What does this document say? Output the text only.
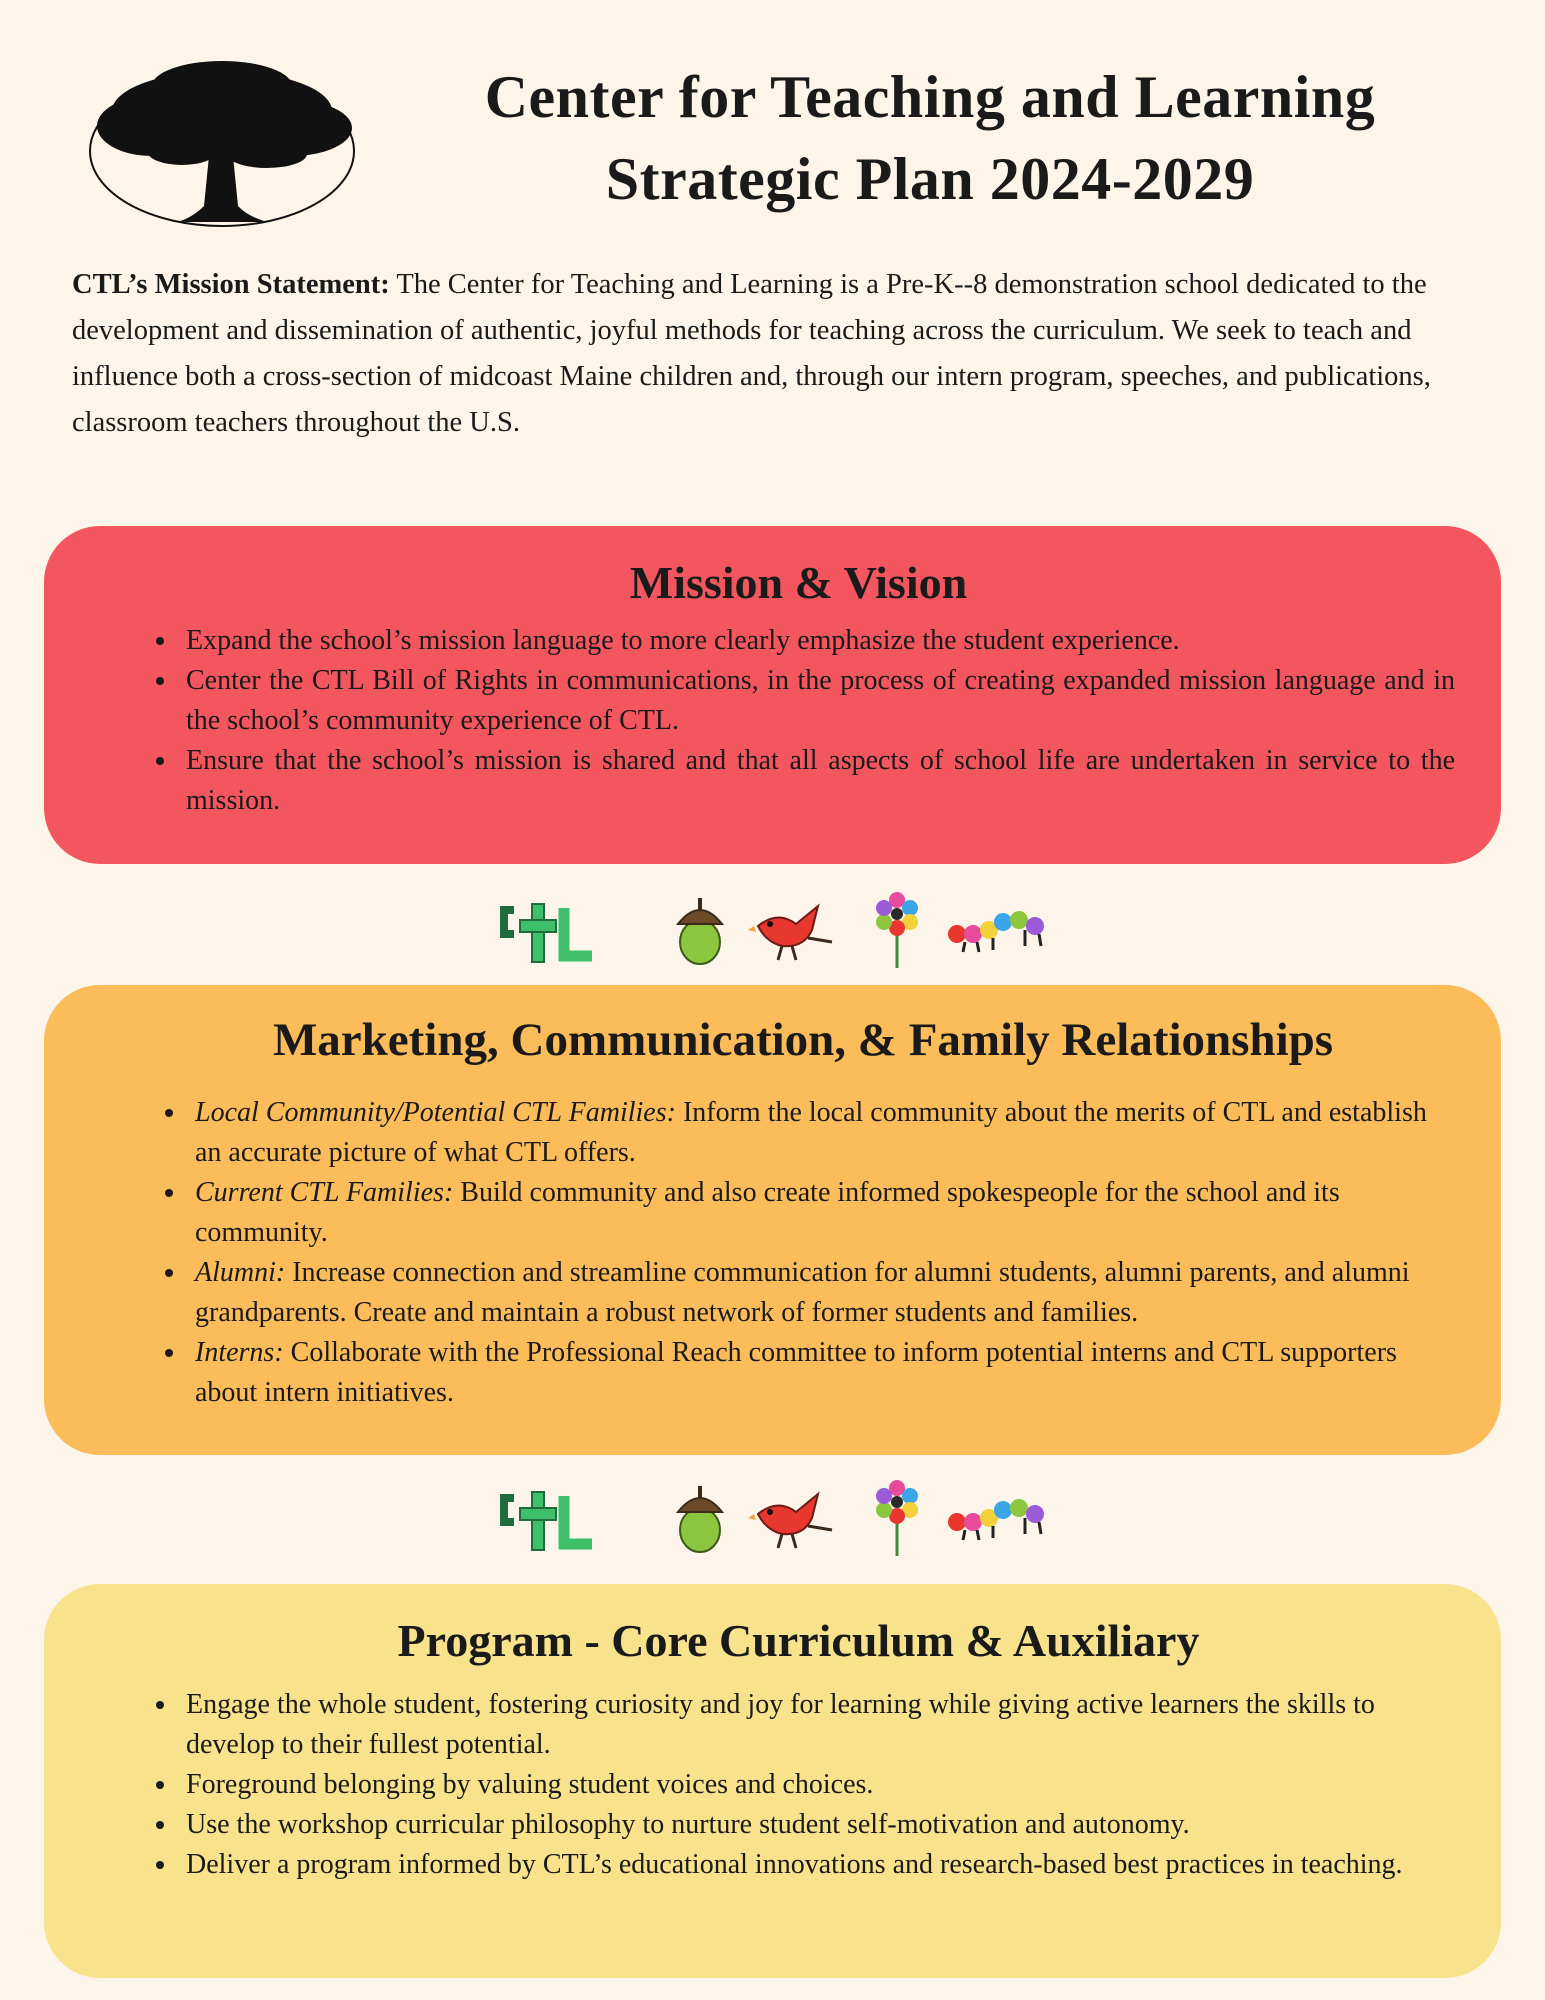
Center for Teaching and Learning
Strategic Plan 2024-2029
CTL’s Mission Statement: The Center for Teaching and Learning is a Pre-K--8 demonstration school dedicated to the development and dissemination of authentic, joyful methods for teaching across the curriculum. We seek to teach and influence both a cross-section of midcoast Maine children and, through our intern program, speeches, and publications, classroom teachers throughout the U.S.
Mission & Vision
Expand the school’s mission language to more clearly emphasize the student experience.
Center the CTL Bill of Rights in communications, in the process of creating expanded mission language and in the school’s community experience of CTL.
Ensure that the school’s mission is shared and that all aspects of school life are undertaken in service to the mission.
Marketing, Communication, & Family Relationships
Local Community/Potential CTL Families: Inform the local community about the merits of CTL and establish an accurate picture of what CTL offers.
Current CTL Families: Build community and also create informed spokespeople for the school and its community.
Alumni: Increase connection and streamline communication for alumni students, alumni parents, and alumni grandparents. Create and maintain a robust network of former students and families.
Interns: Collaborate with the Professional Reach committee to inform potential interns and CTL supporters about intern initiatives.
Program - Core Curriculum & Auxiliary
Engage the whole student, fostering curiosity and joy for learning while giving active learners the skills to develop to their fullest potential.
Foreground belonging by valuing student voices and choices.
Use the workshop curricular philosophy to nurture student self-motivation and autonomy.
Deliver a program informed by CTL’s educational innovations and research-based best practices in teaching.
